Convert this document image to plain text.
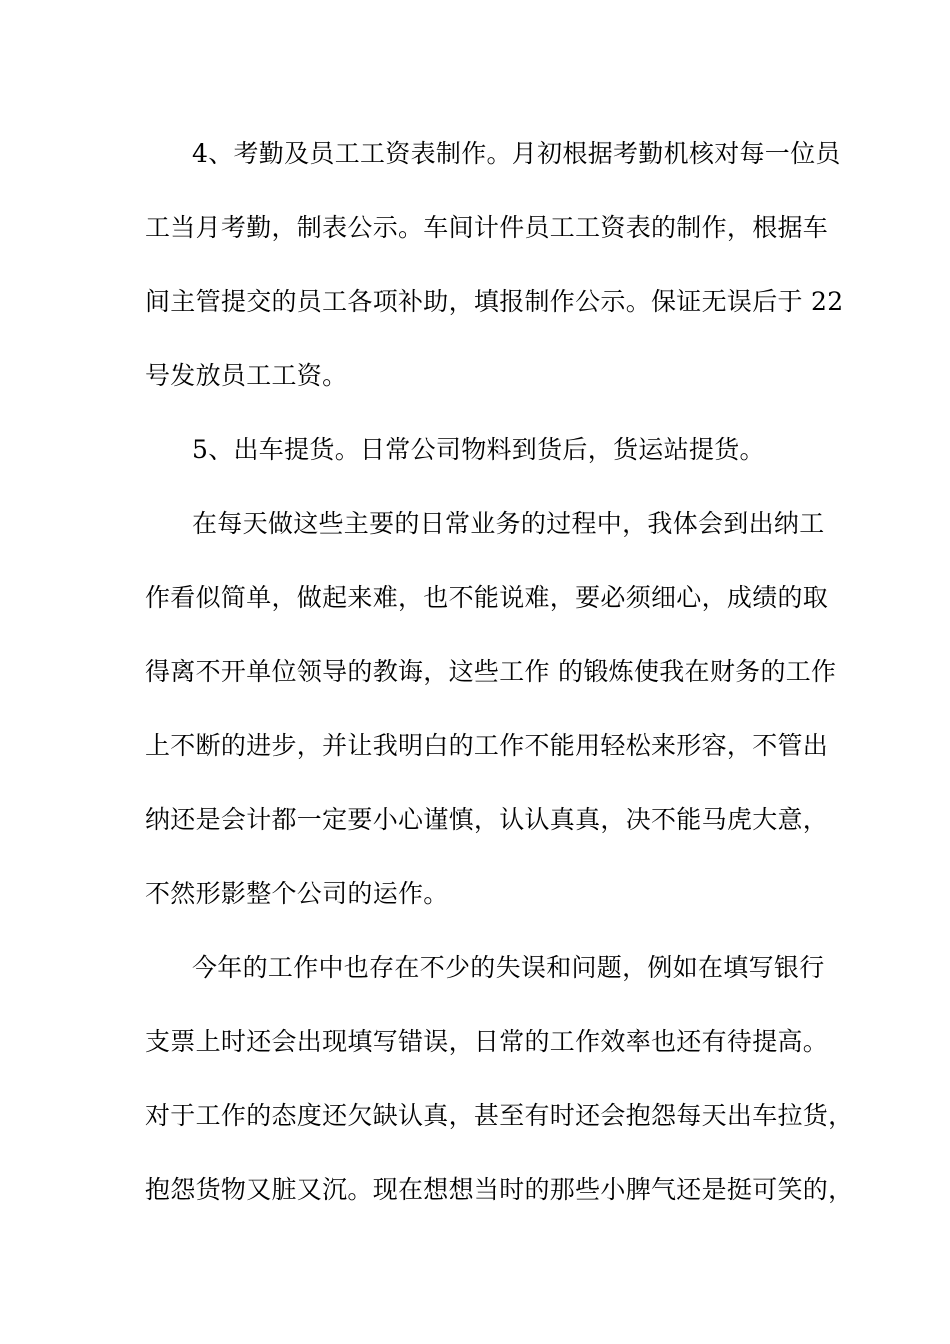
4、考勤及员工工资表制作。月初根据考勤机核对每一位员
工当月考勤，制表公示。车间计件员工工资表的制作，根据车
间主管提交的员工各项补助，填报制作公示。保证无误后于 22
号发放员工工资。
5、出车提货。日常公司物料到货后，货运站提货。
在每天做这些主要的日常业务的过程中，我体会到出纳工
作看似简单，做起来难，也不能说难，要必须细心，成绩的取
得离不开单位领导的教诲，这些工作 的锻炼使我在财务的工作
上不断的进步，并让我明白的工作不能用轻松来形容，不管出
纳还是会计都一定要小心谨慎，认认真真，决不能马虎大意，
不然形影整个公司的运作。
今年的工作中也存在不少的失误和问题，例如在填写银行
支票上时还会出现填写错误，日常的工作效率也还有待提高。
对于工作的态度还欠缺认真，甚至有时还会抱怨每天出车拉货，
抱怨货物又脏又沉。现在想想当时的那些小脾气还是挺可笑的，
